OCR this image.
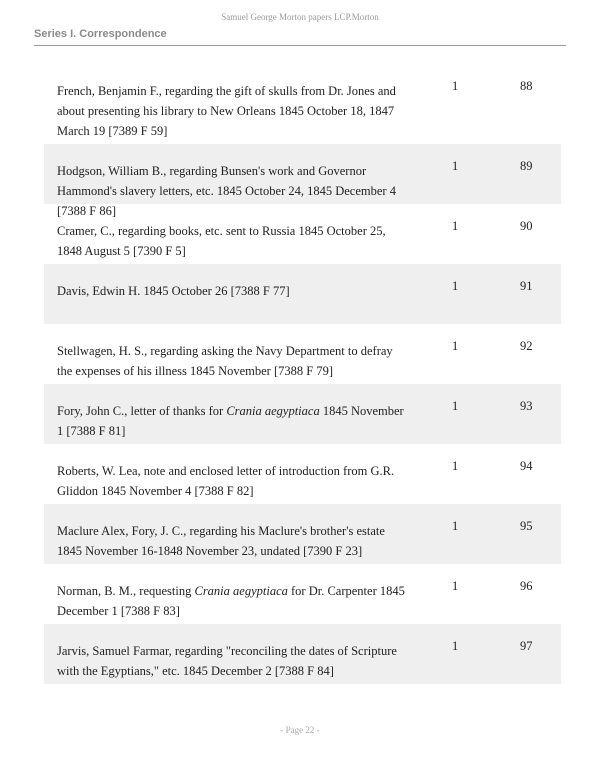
Samuel George Morton papers LCP.Morton
Series I. Correspondence
French, Benjamin F., regarding the gift of skulls from Dr. Jones and about presenting his library to New Orleans 1845 October 18, 1847 March 19 [7389 F 59]
1	88
Hodgson, William B., regarding Bunsen's work and Governor Hammond's slavery letters, etc. 1845 October 24, 1845 December 4 [7388 F 86]
1	89
Cramer, C., regarding books, etc. sent to Russia 1845 October 25, 1848 August 5 [7390 F 5]
1	90
Davis, Edwin H. 1845 October 26 [7388 F 77]	1	91
Stellwagen, H. S., regarding asking the Navy Department to defray the expenses of his illness 1845 November [7388 F 79]
1	92
Fory, John C., letter of thanks for Crania aegyptiaca 1845 November 1 [7388 F 81]
1	93
Roberts, W. Lea, note and enclosed letter of introduction from G.R. Gliddon 1845 November 4 [7388 F 82]
1	94
Maclure Alex, Fory, J. C., regarding his Maclure's brother's estate 1845 November 16-1848 November 23, undated [7390 F 23]
1	95
Norman, B. M., requesting Crania aegyptiaca for Dr. Carpenter 1845 December 1 [7388 F 83]
1	96
Jarvis, Samuel Farmar, regarding "reconciling the dates of Scripture with the Egyptians," etc. 1845 December 2 [7388 F 84]
1	97
- Page 22 -
